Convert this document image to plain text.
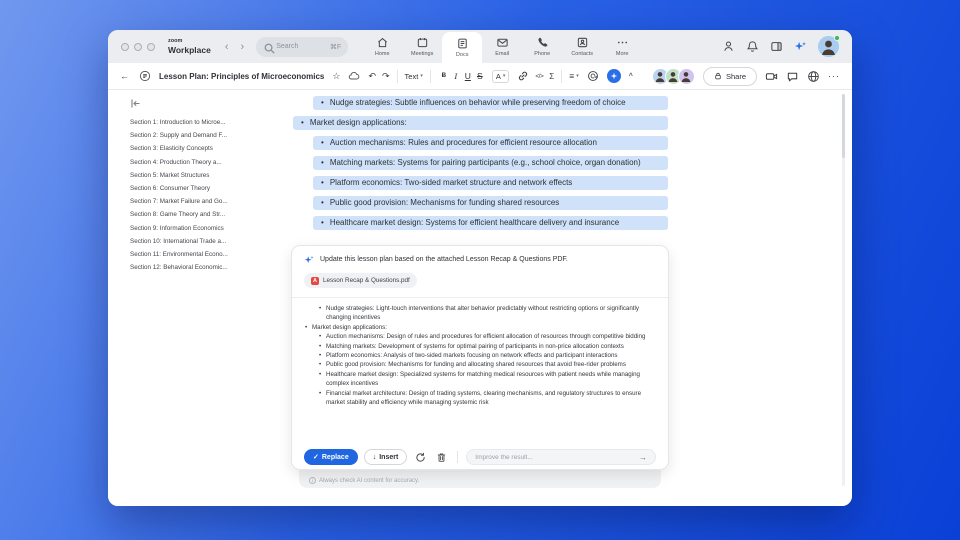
zoom
Workplace ‹ ›	Search	⌘F
Home	Meetings	Docs	Email	Phone	Contacts	More
←	Lesson Plan: Principles of Microeconomics ☆	↶ ↷ Text ▾	• B I U S	A ▾	</> Σ ≡ ▾	^	Share	···
Section 1: Introduction to Microe...
Section 2: Supply and Demand F...
Section 3: Elasticity Concepts
Section 4: Production Theory a...
Section 5: Market Structures
Section 6: Consumer Theory
Section 7: Market Failure and Go...
Section 8: Game Theory and Str...
Section 9: Information Economics
Section 10: International Trade a...
Section 11: Environmental Econo...
Section 12: Behavioral Economic...
• Nudge strategies: Subtle influences on behavior while preserving freedom of choice
• Market design applications:
• Auction mechanisms: Rules and procedures for efficient resource allocation
• Matching markets: Systems for pairing participants (e.g., school choice, organ donation)
• Platform economics: Two-sided market structure and network effects
• Public good provision: Mechanisms for funding shared resources
• Healthcare market design: Systems for efficient healthcare delivery and insurance
i Always check AI content for accuracy.
Update this lesson plan based on the attached Lesson Recap & Questions PDF.
A Lesson Recap & Questions.pdf
• Nudge strategies: Light-touch interventions that alter behavior predictably without restricting options or significantly changing incentives
• Market design applications:
• Auction mechanisms: Design of rules and procedures for efficient allocation of resources through competitive bidding
• Matching markets: Development of systems for optimal pairing of participants in non-price allocation contexts
• Platform economics: Analysis of two-sided markets focusing on network effects and participant interactions
• Public good provision: Mechanisms for funding and allocating shared resources that avoid free-rider problems
• Healthcare market design: Specialized systems for matching medical resources with patient needs while managing complex incentives
• Financial market architecture: Design of trading systems, clearing mechanisms, and regulatory structures to ensure market stability and efficiency while managing systemic risk
✓ Replace	↓ Insert	Improve the result...	→
